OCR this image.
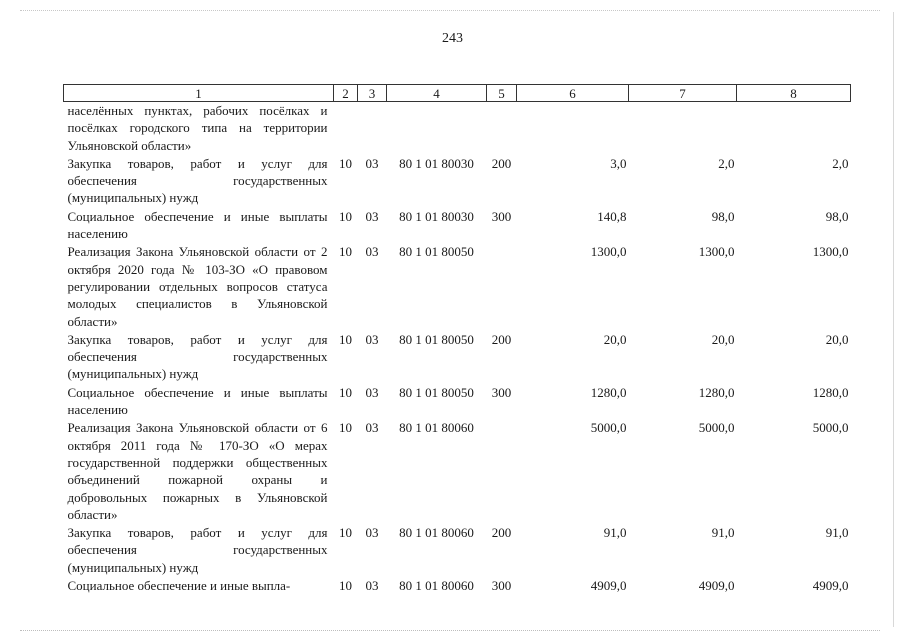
243
1	2	3	4	5	6	7	8
населённых пунктах, рабочих посёлках и посёлках городского типа на территории Ульяновской области»							
Закупка товаров, работ и услуг для обеспечения государственных (муниципальных) нужд	10	03	80 1 01 80030	200	3,0	2,0	2,0
Социальное обеспечение и иные выплаты населению	10	03	80 1 01 80030	300	140,8	98,0	98,0
Реализация Закона Ульяновской области от 2 октября 2020 года № 103-ЗО «О правовом регулировании отдельных вопросов статуса молодых специалистов в Ульяновской области»	10	03	80 1 01 80050		1300,0	1300,0	1300,0
Закупка товаров, работ и услуг для обеспечения государственных (муниципальных) нужд	10	03	80 1 01 80050	200	20,0	20,0	20,0
Социальное обеспечение и иные выплаты населению	10	03	80 1 01 80050	300	1280,0	1280,0	1280,0
Реализация Закона Ульяновской области от 6 октября 2011 года № 170-ЗО «О мерах государственной поддержки общественных объединений пожарной охраны и добровольных пожарных в Ульяновской области»	10	03	80 1 01 80060		5000,0	5000,0	5000,0
Закупка товаров, работ и услуг для обеспечения государственных (муниципальных) нужд	10	03	80 1 01 80060	200	91,0	91,0	91,0
Социальное обеспечение и иные выпла-	10	03	80 1 01 80060	300	4909,0	4909,0	4909,0
